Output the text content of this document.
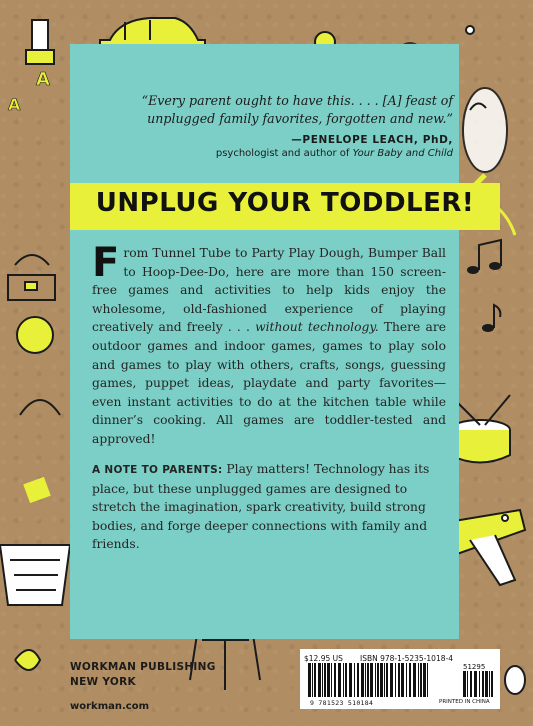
A
A	“Every parent ought to have this. . . . [A] feast of unplugged family favorites, forgotten and new.”
—PENELOPE LEACH, PhD,
psychologist and author of Your Baby and Child
UNPLUG YOUR TODDLER!
From Tunnel Tube to Party Play Dough, Bumper Ball to Hoop-Dee-Do, here are more than 150 screen-free games and activities to help kids enjoy the wholesome, old-fashioned experience of playing creatively and freely . . . without technology. There are outdoor games and indoor games, games to play solo and games to play with others, crafts, songs, guessing games, puppet ideas, playdate and party favorites—even instant activities to do at the kitchen table while dinner’s cooking. All games are toddler-tested and approved!
A NOTE TO PARENTS: Play matters! Technology has its place, but these unplugged games are designed to stretch the imagination, spark creativity, build strong bodies, and forge deeper connections with family and friends.
WORKMAN PUBLISHING
NEW YORK
workman.com
$12.95 US ISBN 978-1-5235-1018-4
51295
9 781523 510184	PRINTED IN CHINA
